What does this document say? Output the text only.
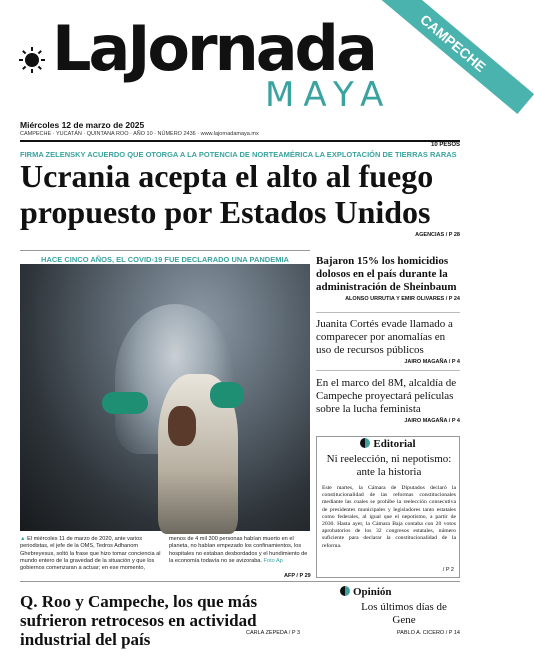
LaJornada
MAYA
CAMPECHE
Miércoles 12 de marzo de 2025
CAMPECHE · YUCATÁN · QUINTANA ROO · AÑO 10 · NÚMERO 2436 · www.lajornadamaya.mx
10 PESOS
FIRMA ZELENSKY ACUERDO QUE OTORGA A LA POTENCIA DE NORTEAMÉRICA LA EXPLOTACIÓN DE TIERRAS RARAS
Ucrania acepta el alto al fuego propuesto por Estados Unidos
AGENCIAS / P 28
HACE CINCO AÑOS, EL COVID-19 FUE DECLARADO UNA PANDEMIA
▲ El miércoles 11 de marzo de 2020, ante varios periodistas, el jefe de la OMS, Tedros Adhanom Ghebreyesus, soltó la frase que hizo tomar conciencia al mundo entero de la gravedad de la situación y que los gobiernos comenzaran a actuar; en ese momento, menos de 4 mil 300 personas habían muerto en el planeta, no habían empezado los confinamientos, los hospitales no estaban desbordados y el hundimiento de la economía todavía no se avizoraba. Foto Ap
AFP / P 29
Bajaron 15% los homicidios dolosos en el país durante la administración de Sheinbaum
ALONSO URRUTIA Y EMIR OLIVARES / P 24
Juanita Cortés evade llamado a comparecer por anomalías en uso de recursos públicos
JAIRO MAGAÑA / P 4
En el marco del 8M, alcaldía de Campeche proyectará películas sobre la lucha feminista
JAIRO MAGAÑA / P 4
Editorial
Ni reelección, ni nepotismo: ante la historia
Este martes, la Cámara de Diputados declaró la constitucionalidad de las reformas constitucionales mediante las cuales se prohíbe la reelección consecutiva de presidentes municipales y legisladores tanto estatales como federales, al igual que el nepotismo, a partir de 2030. Hasta ayer, la Cámara Baja contaba con 20 votos aprobatorios de los 32 congresos estatales, número suficiente para declarar la constitucionalidad de la reforma.
/ P 2
Q. Roo y Campeche, los que más sufrieron retrocesos en actividad industrial del país	CARLA ZEPEDA / P 3
Opinión
Los últimos días de Gene
PABLO A. CICERO / P 14
